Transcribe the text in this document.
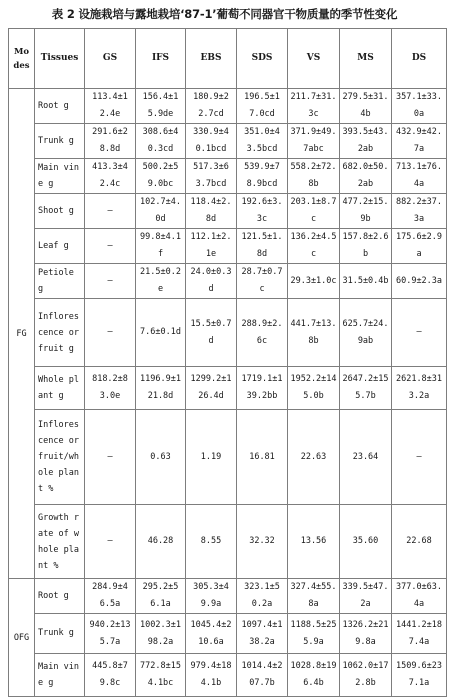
表 2 设施栽培与露地栽培‘87-1’葡萄不同器官干物质量的季节性变化
Modes	Tissues	GS	IFS	EBS	SDS	VS	MS	DS
FG	Root g	113.4±12.4e	156.4±15.9de	180.9±22.7cd	196.5±17.0cd	211.7±31.3c	279.5±31.4b	357.1±33.0a
	Trunk g	291.6±28.8d	308.6±40.3cd	330.9±40.1bcd	351.0±43.5bcd	371.9±49.7abc	393.5±43.2ab	432.9±42.7a
	Main vine g	413.3±42.4c	500.2±59.0bc	517.3±63.7bcd	539.9±78.9bcd	558.2±72.8b	682.0±50.2ab	713.1±76.4a
	Shoot g	–	102.7±4.0d	118.4±2.8d	192.6±3.3c	203.1±8.7c	477.2±15.9b	882.2±37.3a
	Leaf g	–	99.8±4.1f	112.1±2.1e	121.5±1.8d	136.2±4.5c	157.8±2.6b	175.6±2.9a
	Petiole g	–	21.5±0.2e	24.0±0.3d	28.7±0.7c	29.3±1.0c	31.5±0.4b	60.9±2.3a
	Inflorescence or fruit g	–	7.6±0.1d	15.5±0.7d	288.9±2.6c	441.7±13.8b	625.7±24.9ab	–
	Whole plant g	818.2±83.0e	1196.9±121.8d	1299.2±126.4d	1719.1±139.2bb	1952.2±145.0b	2647.2±155.7b	2621.8±313.2a
	Inflorescence or fruit/whole plant %	–	0.63	1.19	16.81	22.63	23.64	–
	Growth rate of whole plant %	–	46.28	8.55	32.32	13.56	35.60	22.68
OFG	Root g	284.9±46.5a	295.2±56.1a	305.3±49.9a	323.1±50.2a	327.4±55.8a	339.5±47.2a	377.0±63.4a
	Trunk g	940.2±135.7a	1002.3±198.2a	1045.4±210.6a	1097.4±138.2a	1188.5±255.9a	1326.2±219.8a	1441.2±187.4a
	Main vine g	445.8±79.8c	772.8±154.1bc	979.4±184.1b	1014.4±207.7b	1028.8±196.4b	1062.0±172.8b	1509.6±237.1a
